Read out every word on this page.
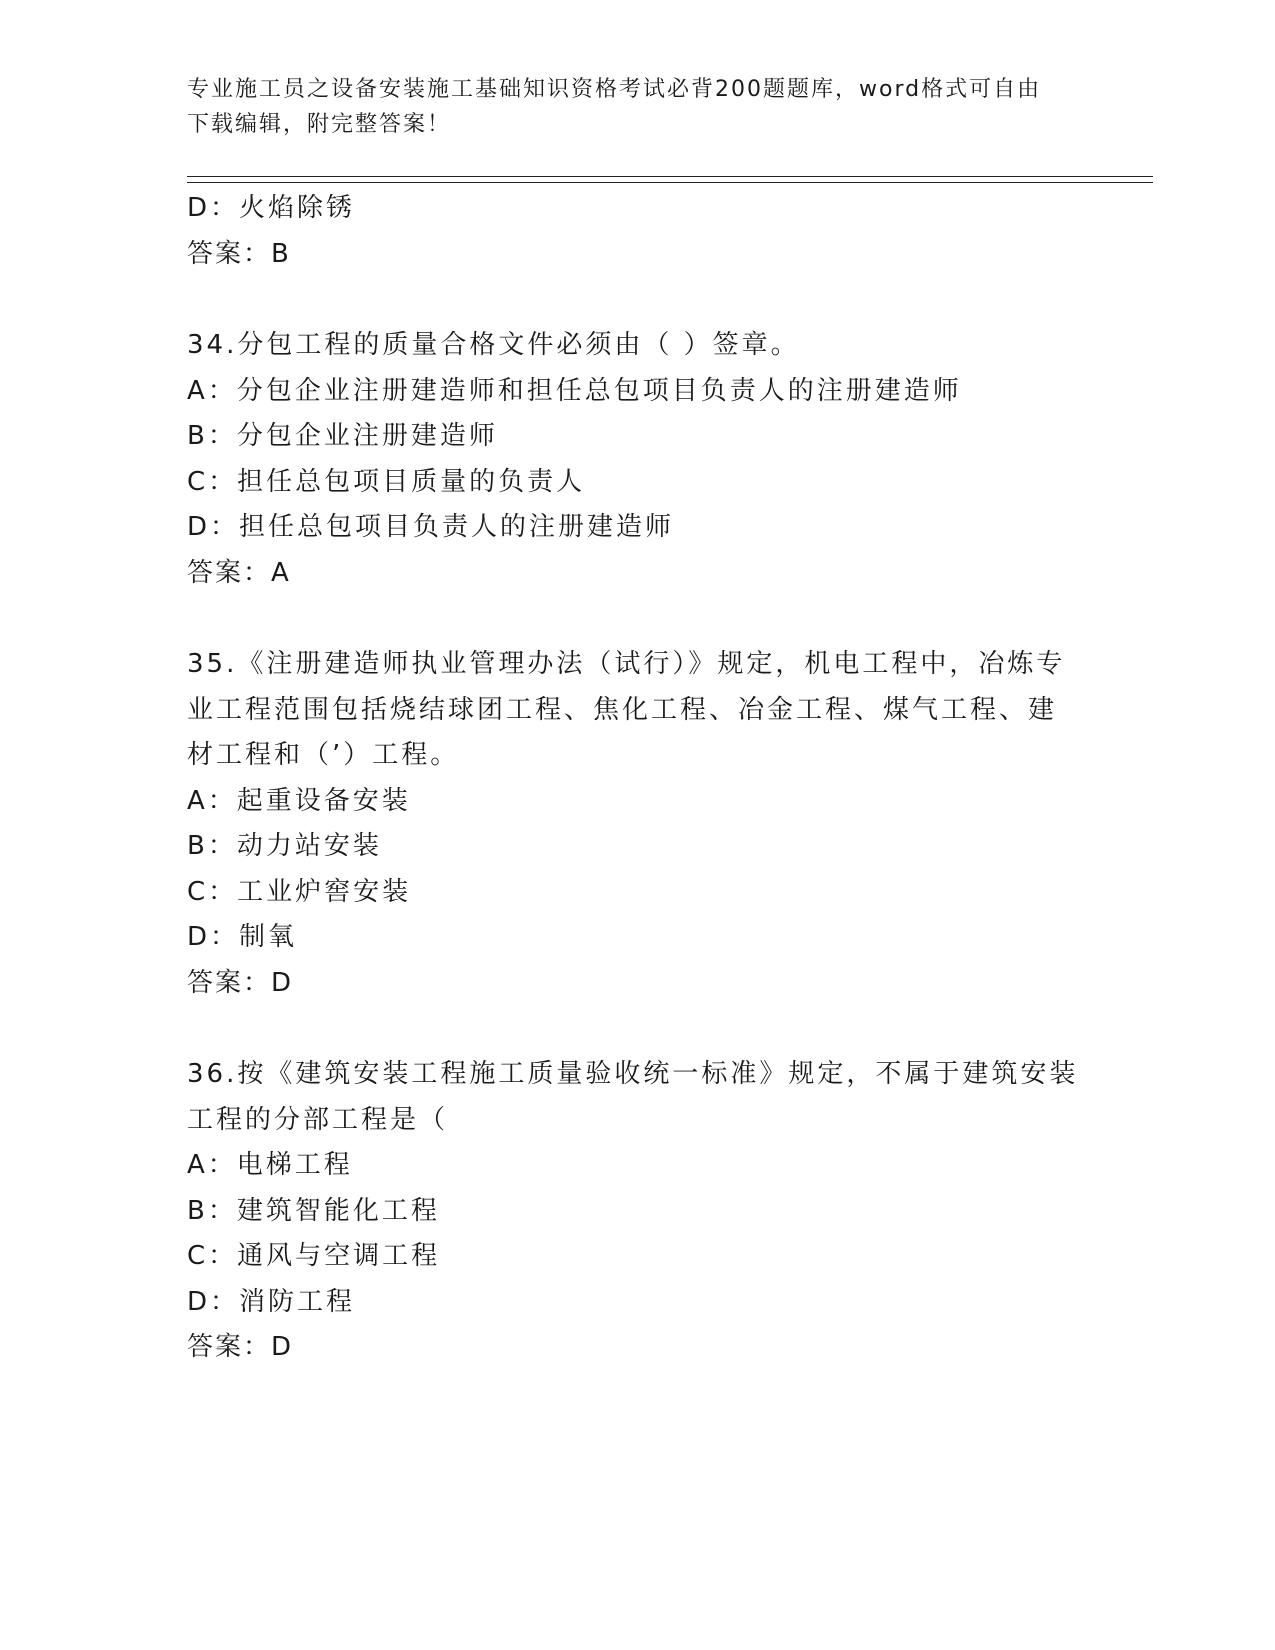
专业施工员之设备安装施工基础知识资格考试必背200题题库，word格式可自由
下载编辑，附完整答案！
D：火焰除锈
答案：B
34.分包工程的质量合格文件必须由（ ）签章。
A：分包企业注册建造师和担任总包项目负责人的注册建造师
B：分包企业注册建造师
C：担任总包项目质量的负责人
D：担任总包项目负责人的注册建造师
答案：A
35.《注册建造师执业管理办法（试行）》规定，机电工程中，冶炼专
业工程范围包括烧结球团工程、焦化工程、冶金工程、煤气工程、建
材工程和（’）工程。
A：起重设备安装
B：动力站安装
C：工业炉窖安装
D：制氧
答案：D
36.按《建筑安装工程施工质量验收统一标准》规定，不属于建筑安装
工程的分部工程是（
A：电梯工程
B：建筑智能化工程
C：通风与空调工程
D：消防工程
答案：D
